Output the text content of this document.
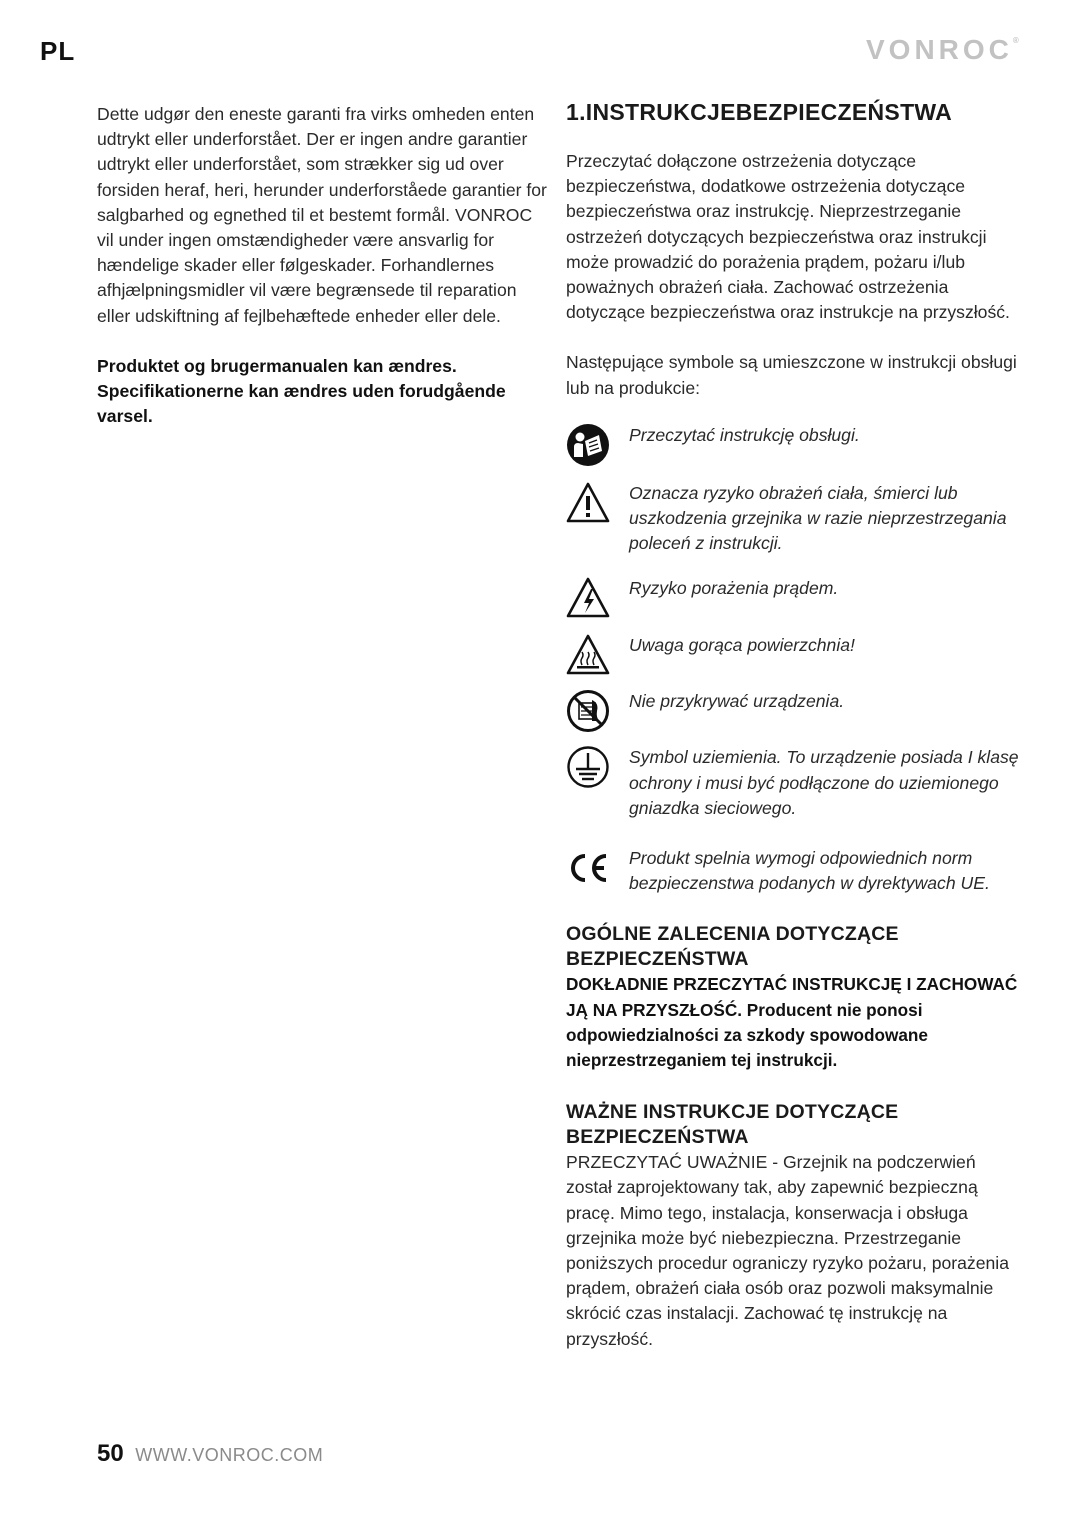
PL	VONROC®

Dette udgør den eneste garanti fra virks omheden enten udtrykt eller underforstået. Der er ingen andre garantier udtrykt eller underforstået, som strækker sig ud over forsiden heraf, heri, herunder underforståede garantier for salgbarhed og egnethed til et bestemt formål. VONROC vil under ingen omstændigheder være ansvarlig for hændelige skader eller følgeskader. Forhandlernes afhjælpningsmidler vil være begrænsede til reparation eller udskiftning af fejlbehæftede enheder eller dele.

Produktet og brugermanualen kan ændres. Specifikationerne kan ændres uden forudgående varsel.

1.INSTRUKCJEBEZPIECZEŃSTWA

Przeczytać dołączone ostrzeżenia dotyczące bezpieczeństwa, dodatkowe ostrzeżenia dotyczące bezpieczeństwa oraz instrukcję. Nieprzestrzeganie ostrzeżeń dotyczących bezpieczeństwa oraz instrukcji może prowadzić do porażenia prądem, pożaru i/lub poważnych obrażeń ciała. Zachować ostrzeżenia dotyczące bezpieczeństwa oraz instrukcje na przyszłość.

Następujące symbole są umieszczone w instrukcji obsługi lub na produkcie:

Przeczytać instrukcję obsługi.
Oznacza ryzyko obrażeń ciała, śmierci lub uszkodzenia grzejnika w razie nieprzestrzegania poleceń z instrukcji.
Ryzyko porażenia prądem.
Uwaga gorąca powierzchnia!
Nie przykrywać urządzenia.
Symbol uziemienia. To urządzenie posiada I klasę ochrony i musi być podłączone do uziemionego gniazdka sieciowego.
Produkt spelnia wymogi odpowiednich norm bezpieczenstwa podanych w dyrektywach UE.
OGÓLNE ZALECENIA DOTYCZĄCE BEZPIECZEŃSTWA

DOKŁADNIE PRZECZYTAĆ INSTRUKCJĘ I ZACHOWAĆ JĄ NA PRZYSZŁOŚĆ. Producent nie ponosi odpowiedzialności za szkody spowodowane nieprzestrzeganiem tej instrukcji.

WAŻNE INSTRUKCJE DOTYCZĄCE BEZPIECZEŃSTWA

PRZECZYTAĆ UWAŻNIE - Grzejnik na podczerwień został zaprojektowany tak, aby zapewnić bezpieczną pracę. Mimo tego, instalacja, konserwacja i obsługa grzejnika może być niebezpieczna. Przestrzeganie poniższych procedur ograniczy ryzyko pożaru, porażenia prądem, obrażeń ciała osób oraz pozwoli maksymalnie skrócić czas instalacji. Zachować tę instrukcję na przyszłość.

50 WWW.VONROC.COM
